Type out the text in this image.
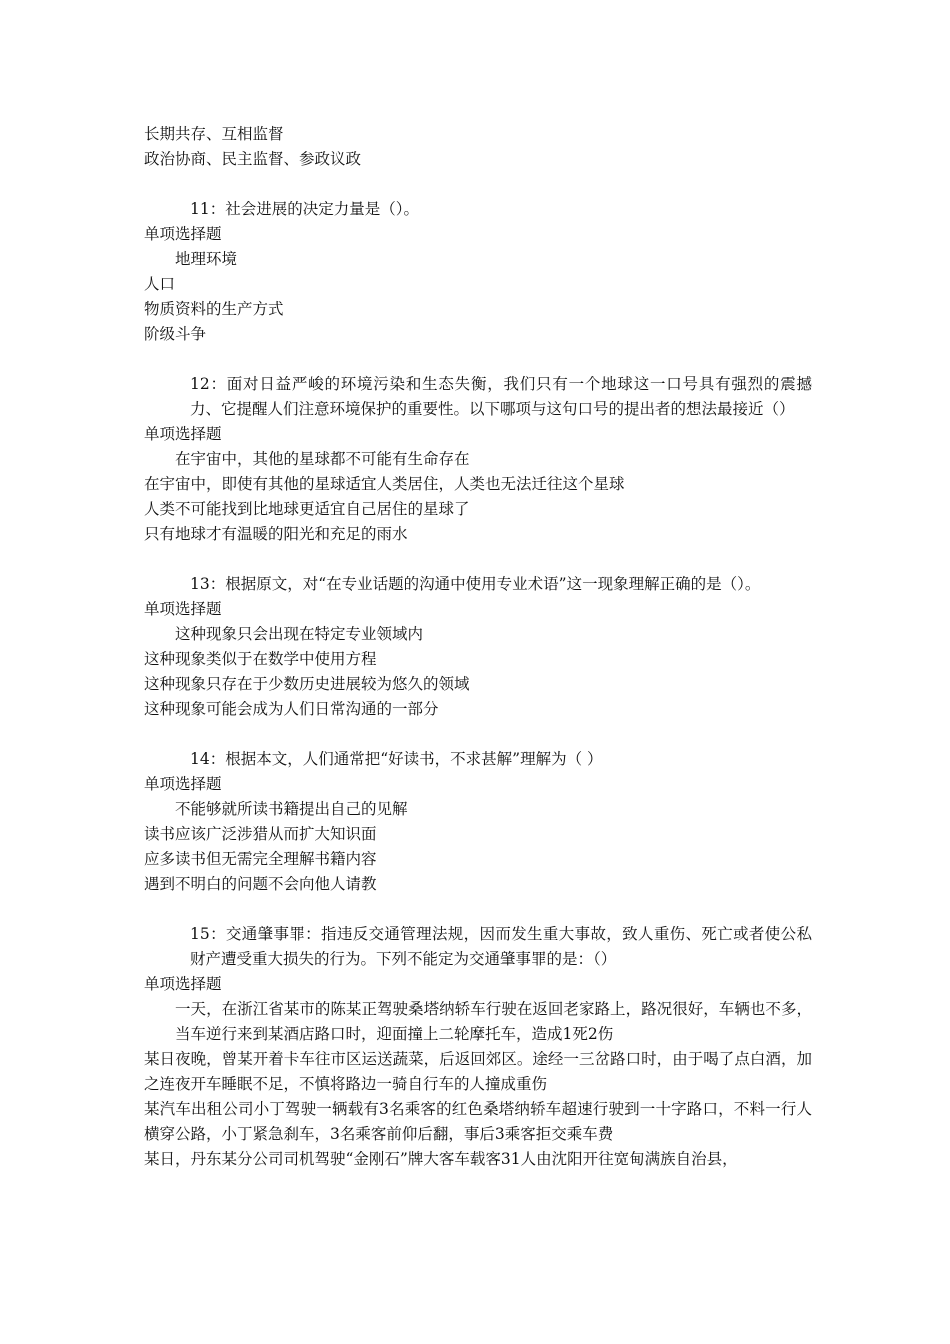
长期共存、互相监督
政治协商、民主监督、参政议政
11：社会进展的决定力量是（）。
单项选择题
地理环境
人口
物质资料的生产方式
阶级斗争
12：面对日益严峻的环境污染和生态失衡，我们只有一个地球这一口号具有强烈的震撼力、它提醒人们注意环境保护的重要性。以下哪项与这句口号的提出者的想法最接近（）
单项选择题
在宇宙中，其他的星球都不可能有生命存在
在宇宙中，即使有其他的星球适宜人类居住，人类也无法迁往这个星球
人类不可能找到比地球更适宜自己居住的星球了
只有地球才有温暖的阳光和充足的雨水
13：根据原文，对“在专业话题的沟通中使用专业术语”这一现象理解正确的是（）。
单项选择题
这种现象只会出现在特定专业领域内
这种现象类似于在数学中使用方程
这种现象只存在于少数历史进展较为悠久的领域
这种现象可能会成为人们日常沟通的一部分
14：根据本文，人们通常把“好读书，不求甚解”理解为（ ）
单项选择题
不能够就所读书籍提出自己的见解
读书应该广泛涉猎从而扩大知识面
应多读书但无需完全理解书籍内容
遇到不明白的问题不会向他人请教
15：交通肇事罪：指违反交通管理法规，因而发生重大事故，致人重伤、死亡或者使公私财产遭受重大损失的行为。下列不能定为交通肇事罪的是：（）
单项选择题
一天，在浙江省某市的陈某正驾驶桑塔纳轿车行驶在返回老家路上，路况很好，车辆也不多，当车逆行来到某酒店路口时，迎面撞上二轮摩托车，造成1死2伤
某日夜晚，曾某开着卡车往市区运送蔬菜，后返回郊区。途经一三岔路口时，由于喝了点白酒，加之连夜开车睡眠不足，不慎将路边一骑自行车的人撞成重伤
某汽车出租公司小丁驾驶一辆载有3名乘客的红色桑塔纳轿车超速行驶到一十字路口，不料一行人横穿公路，小丁紧急刹车，3名乘客前仰后翻，事后3乘客拒交乘车费
某日，丹东某分公司司机驾驶“金刚石”牌大客车载客31人由沈阳开往宽甸满族自治县，
